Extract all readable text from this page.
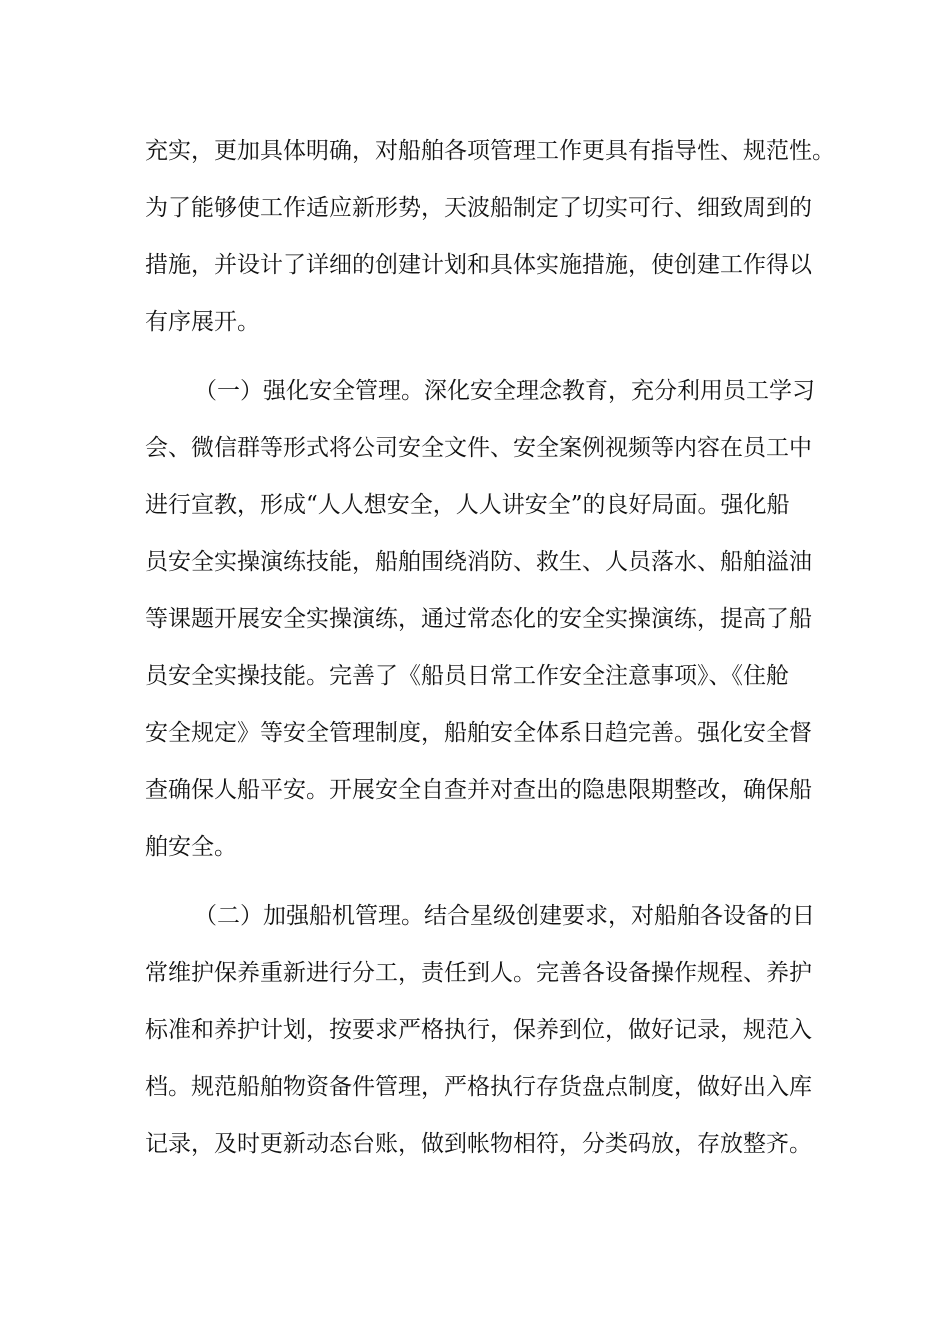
充实，更加具体明确，对船舶各项管理工作更具有指导性、规范性。
为了能够使工作适应新形势，天波船制定了切实可行、细致周到的
措施，并设计了详细的创建计划和具体实施措施，使创建工作得以
有序展开。
（一）强化安全管理。深化安全理念教育，充分利用员工学习
会、微信群等形式将公司安全文件、安全案例视频等内容在员工中
进行宣教，形成“人人想安全，人人讲安全”的良好局面。强化船
员安全实操演练技能，船舶围绕消防、救生、人员落水、船舶溢油
等课题开展安全实操演练，通过常态化的安全实操演练，提高了船
员安全实操技能。完善了《船员日常工作安全注意事项》、《住舱
安全规定》等安全管理制度，船舶安全体系日趋完善。强化安全督
查确保人船平安。开展安全自查并对查出的隐患限期整改，确保船
舶安全。
（二）加强船机管理。结合星级创建要求，对船舶各设备的日
常维护保养重新进行分工，责任到人。完善各设备操作规程、养护
标准和养护计划，按要求严格执行，保养到位，做好记录，规范入
档。规范船舶物资备件管理，严格执行存货盘点制度，做好出入库
记录，及时更新动态台账，做到帐物相符，分类码放，存放整齐。
